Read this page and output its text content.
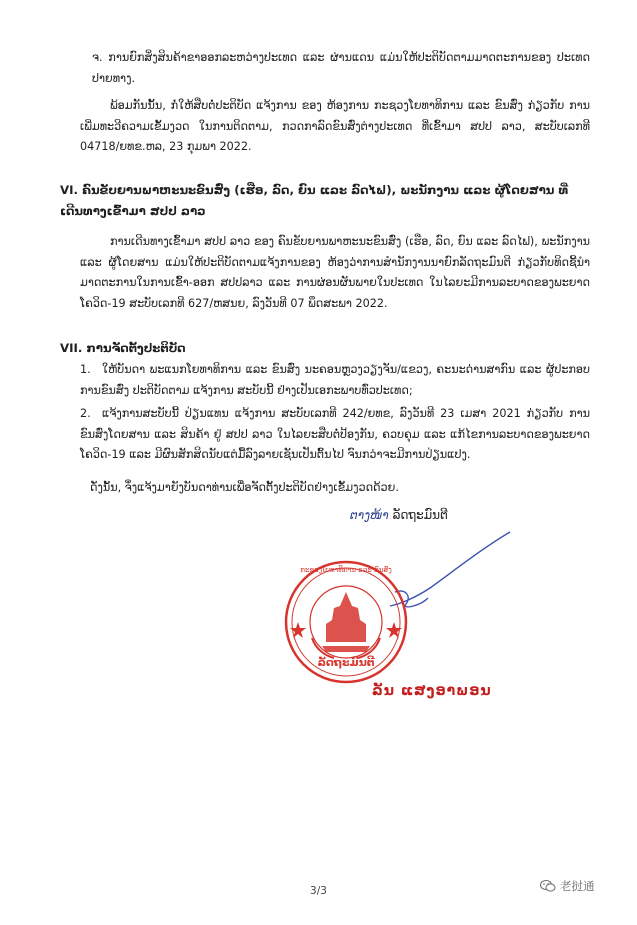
ຈ. ການຍົກສິ່ງສິນຄ້າຂາອອກລະຫວ່າງປະເທດ ແລະ ຜ່ານແດນ ແມ່ນໃຫ້ປະຕິບັດຕາມມາດຕະການຂອງ ປະເທດປາຍທາງ.

ພ້ອມກັນນັ້ນ, ກໍ່ໃຫ້ສືບຕໍ່ປະຕິບັດ ແຈ້ງການ ຂອງ ຫ້ອງການ ກະຊວງໂຍທາທິການ ແລະ ຂົນສົ່ງ ກ່ຽວກັບ ການເພີ່ມທະວີຄວາມເຂັ້ມງວດ ໃນການຕິດຕາມ, ກວດກາລົດຂົນສົ່ງຕ່າງປະເທດ ທີ່ເຂົ້າມາ ສປປ ລາວ, ສະບັບເລກທີ 04718/ຍທຂ.ຫລ, 23 ກຸມພາ 2022.

VI. ຄົນຂັບຍານພາຫະນະຂົນສົ່ງ (ເຮືອ, ລົດ, ຍົນ ແລະ ລົດໄຟ), ພະນັກງານ ແລະ ຜູ້ໂດຍສານ ທີ່ເດີນທາງເຂົ້າມາ ສປປ ລາວ

ການເດີນທາງເຂົ້າມາ ສປປ ລາວ ຂອງ ຄົນຂັບຍານພາຫະນະຂົນສົ່ງ (ເຮືອ, ລົດ, ຍົນ ແລະ ລົດໄຟ), ພະນັກງານ ແລະ ຜູ້ໂດຍສານ ແມ່ນໃຫ້ປະຕິບັດຕາມແຈ້ງການຂອງ ຫ້ອງວ່າການສຳນັກງານນາຍົກລັດຖະມົນຕີ ກ່ຽວກັບທິດຊີ້ນຳມາດຕະການໃນການເຂົ້າ-ອອກ ສປປລາວ ແລະ ການຜ່ອນຜັນພາຍໃນປະເທດ ໃນໄລຍະມີການລະບາດຂອງພະຍາດໂຄວິດ-19 ສະບັບເລກທີ 627/ຫສນຍ, ລົງວັນທີ 07 ພຶດສະພາ 2022.

VII. ການຈັດຕັ້ງປະຕິບັດ

1. ໃຫ້ບັນດາ ພະແນກໂຍທາທິການ ແລະ ຂົນສົ່ງ ນະຄອນຫຼວງວຽງຈັນ/ແຂວງ, ຄະນະດ່ານສາກົນ ແລະ ຜູ້ປະກອບການຂົນສົ່ງ ປະຕິບັດຕາມ ແຈ້ງການ ສະບັບນີ້ ຢ່າງເປັນເອກະພາບທົ່ວປະເທດ;

2. ແຈ້ງການສະບັບນີ້ ປ່ຽນແທນ ແຈ້ງການ ສະບັບເລກທີ 242/ຍທຂ, ລົງວັນທີ 23 ເມສາ 2021 ກ່ຽວກັບ ການຂົນສົ່ງໂດຍສານ ແລະ ສິນຄ້າ ຢູ່ ສປປ ລາວ ໃນໄລຍະສືບຕໍ່ປ້ອງກັນ, ຄວບຄຸມ ແລະ ແກ້ໄຂການລະບາດຂອງພະຍາດໂຄວິດ-19 ແລະ ມີຜົນສັກສິດນັບແຕ່ມື້ລົງລາຍເຊັນເປັນຕົ້ນໄປ ຈົນກວ່າຈະມີການປ່ຽນແປງ.

ດັ່ງນັ້ນ, ຈຶ່ງແຈ້ງມາຍັງບັນດາທ່ານເພື່ອຈັດຕັ້ງປະຕິບັດຢ່າງເຂັ້ມງວດດ້ວຍ.

ຕາງໜ້າ ລັດຖະມົນຕີ
ກະຊວງໂຍທາທິການ ແລະ ຂົນສົ່ງ
ລັດຖະມົນຕີ
ລັນ ແສງອາພອນ
3/3	老挝通
